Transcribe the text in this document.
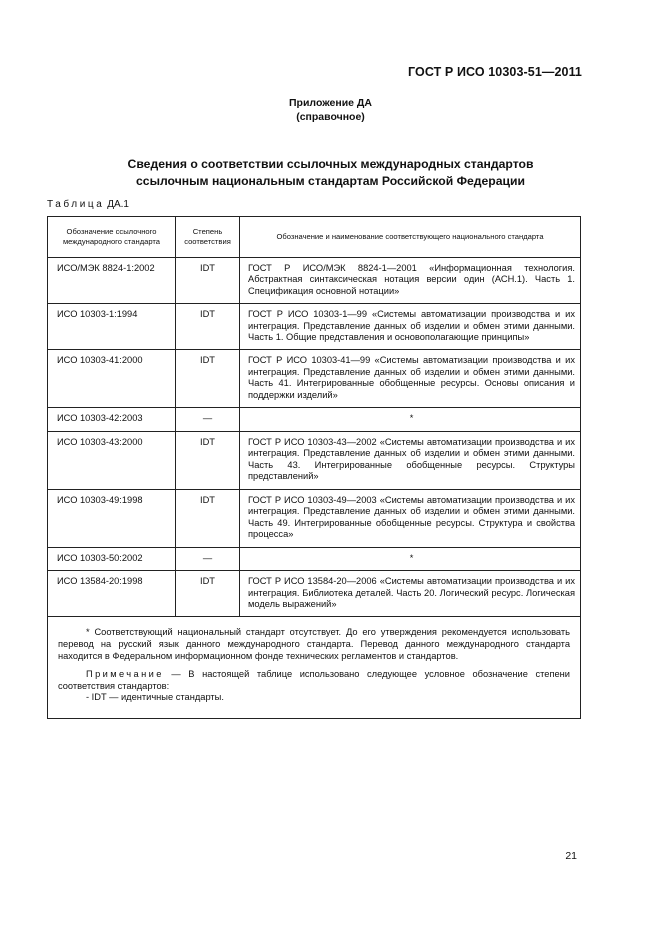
ГОСТ Р ИСО 10303-51—2011
Приложение ДА
(справочное)
Сведения о соответствии ссылочных международных стандартов
ссылочным национальным стандартам Российской Федерации
Таблица ДА.1
Обозначение ссылочного международного стандарта	Степень соответствия	Обозначение и наименование соответствующего национального стандарта
ИСО/МЭК 8824-1:2002	IDT	ГОСТ Р ИСО/МЭК 8824-1—2001 «Информационная технология. Абстрактная синтаксическая нотация версии один (АСН.1). Часть 1. Спецификация основной нотации»
ИСО 10303-1:1994	IDT	ГОСТ Р ИСО 10303-1—99 «Системы автоматизации производства и их интеграция. Представление данных об изделии и обмен этими данными. Часть 1. Общие представления и основополагающие принципы»
ИСО 10303-41:2000	IDT	ГОСТ Р ИСО 10303-41—99 «Системы автоматизации производства и их интеграция. Представление данных об изделии и обмен этими данными. Часть 41. Интегрированные обобщенные ресурсы. Основы описания и поддержки изделий»
ИСО 10303-42:2003	—	*
ИСО 10303-43:2000	IDT	ГОСТ Р ИСО 10303-43—2002 «Системы автоматизации производства и их интеграция. Представление данных об изделии и обмен этими данными. Часть 43. Интегрированные обобщенные ресурсы. Структуры представлений»
ИСО 10303-49:1998	IDT	ГОСТ Р ИСО 10303-49—2003 «Системы автоматизации производства и их интеграция. Представление данных об изделии и обмен этими данными. Часть 49. Интегрированные обобщенные ресурсы. Структура и свойства процесса»
ИСО 10303-50:2002	—	*
ИСО 13584-20:1998	IDT	ГОСТ Р ИСО 13584-20—2006 «Системы автоматизации производства и их интеграция. Библиотека деталей. Часть 20. Логический ресурс. Логическая модель выражений»

* Соответствующий национальный стандарт отсутствует. До его утверждения рекомендуется использовать перевод на русский язык данного международного стандарта. Перевод данного международного стандарта находится в Федеральном информационном фонде технических регламентов и стандартов.

Примечание — В настоящей таблице использовано следующее условное обозначение степени соответствия стандартов:

- IDT — идентичные стандарты.		

21
